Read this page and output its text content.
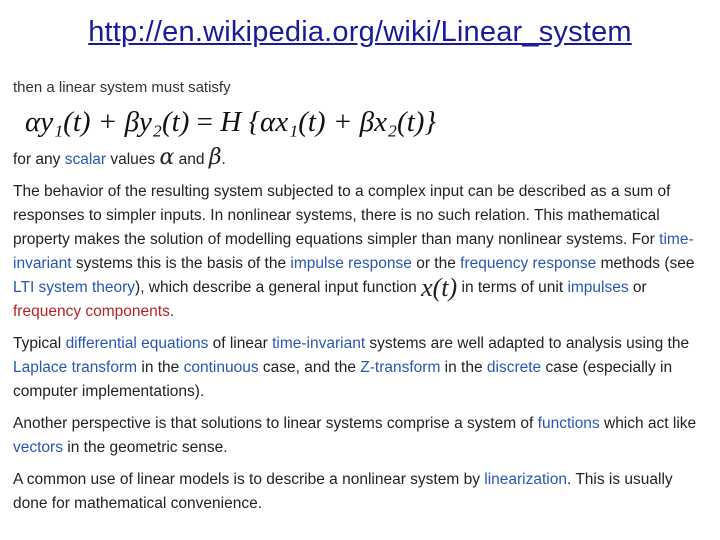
http://en.wikipedia.org/wiki/Linear_system

then a linear system must satisfy

αy₁(t) + βy₂(t) = H {αx₁(t) + βx₂(t)}

for any scalar values α and β.

The behavior of the resulting system subjected to a complex input can be described as a sum of responses to simpler inputs. In nonlinear systems, there is no such relation. This mathematical property makes the solution of modelling equations simpler than many nonlinear systems. For time-invariant systems this is the basis of the impulse response or the frequency response methods (see LTI system theory), which describe a general input function x(t) in terms of unit impulses or frequency components.

Typical differential equations of linear time-invariant systems are well adapted to analysis using the Laplace transform in the continuous case, and the Z-transform in the discrete case (especially in computer implementations).

Another perspective is that solutions to linear systems comprise a system of functions which act like vectors in the geometric sense.

A common use of linear models is to describe a nonlinear system by linearization. This is usually done for mathematical convenience.
